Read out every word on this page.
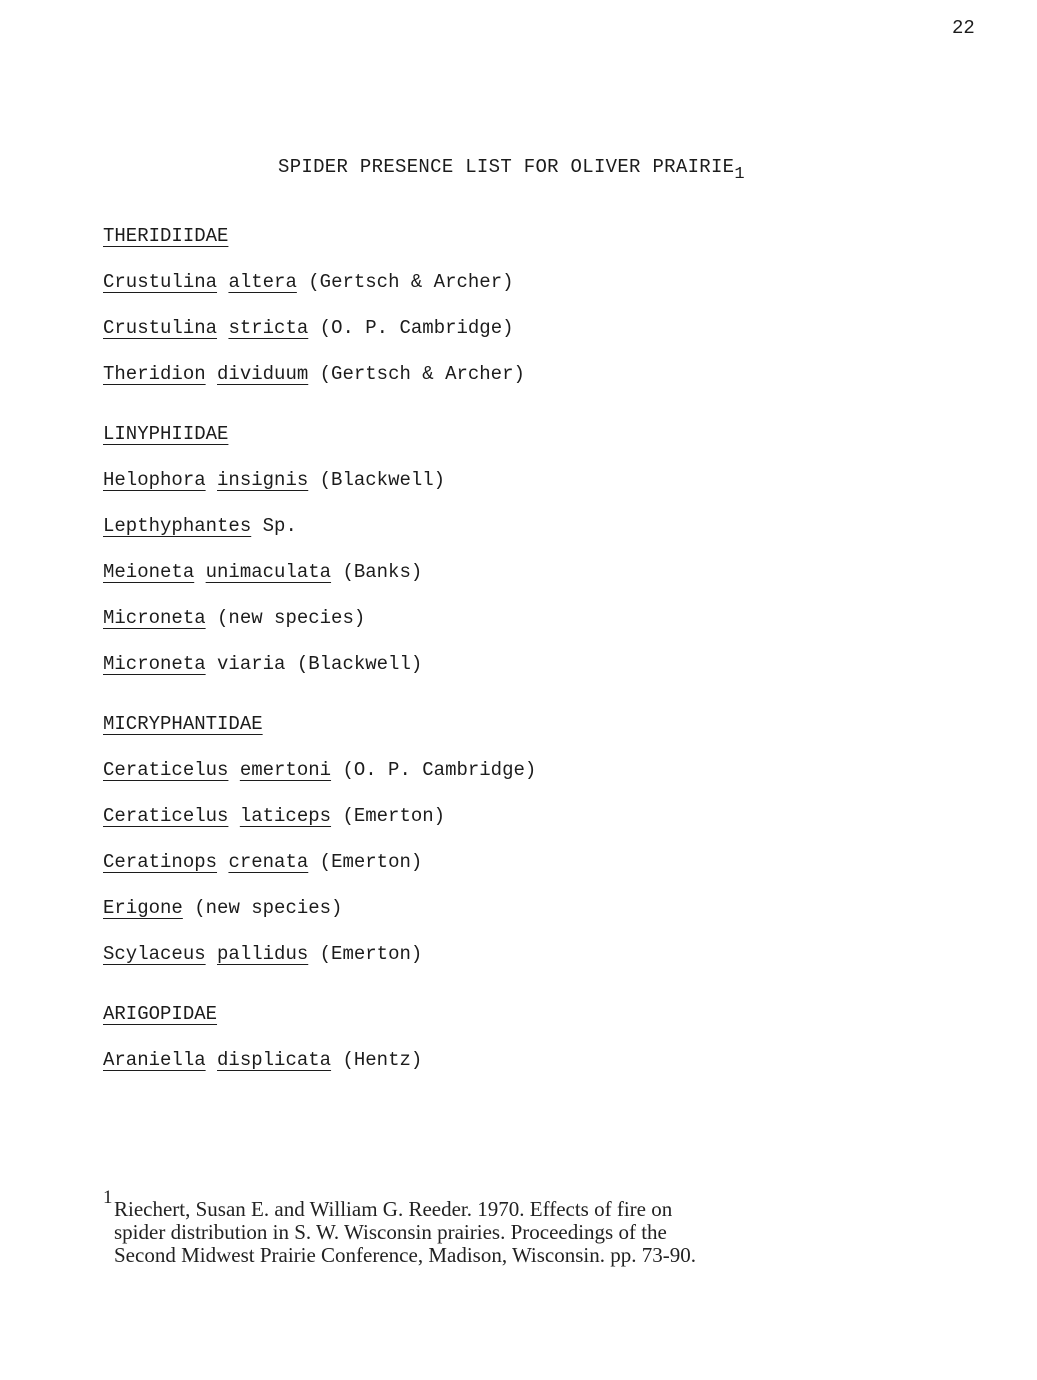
22
SPIDER PRESENCE LIST FOR OLIVER $PRAIRIE_1$
THERIDIIDAE
Crustulina altera (Gertsch & Archer)
Crustulina stricta (O. P. Cambridge)
Theridion dividuum (Gertsch & Archer)
LINYPHIIDAE
Helophora insignis (Blackwell)
Lepthyphantes Sp.
Meioneta unimaculata (Banks)
Microneta (new species)
Microneta viaria (Blackwell)
MICRYPHANTIDAE
Ceraticelus emertoni (O. P. Cambridge)
Ceraticelus laticeps (Emerton)
Ceratinops crenata (Emerton)
Erigone (new species)
Scylaceus pallidus (Emerton)
ARIGOPIDAE
Araniella displicata (Hentz)
1 Riechert, Susan E. and William G. Reeder. 1970. Effects of fire on
spider distribution in S. W. Wisconsin prairies. Proceedings of the
Second Midwest Prairie Conference, Madison, Wisconsin. pp. 73-90.
